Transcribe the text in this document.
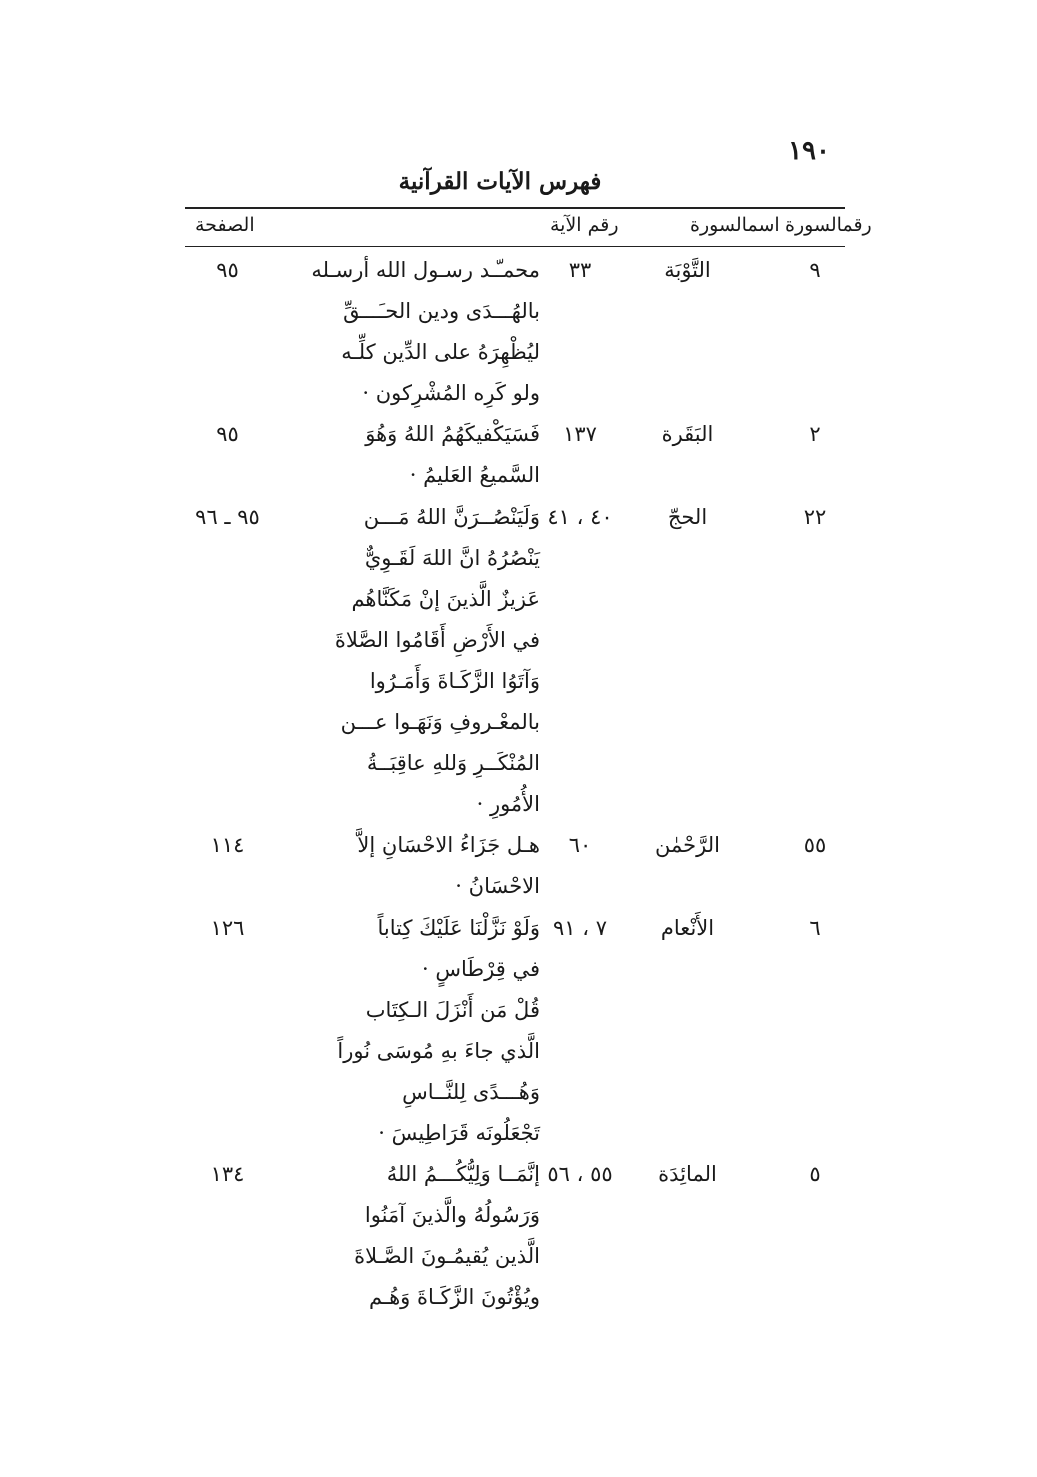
١٩٠
فهرس الآيات القرآنية
رقمالسورة
اسمالسورة
رقم الآية
الصفحة
٩
التَّوْبَة
٣٣
محمـّـد رسـول الله أرسـله
٩٥
بالهُـــدَى ودين الحـَـــقِّ
ليُظْهِرَهُ على الدِّين كلِّـه
ولو كَرِه المُشْرِكون ·
٢
البَقَرة
١٣٧
فَسَيَكْفيكَهُمُ اللهُ وَهُوَ
٩٥
السَّميعُ العَليمُ ·
٢٢
الحجّ
٤٠ ، ٤١
وَلَيَنْصُــرَنَّ اللهُ مَـــن
٩٥ ـ ٩٦
يَنْصُرُهُ انَّ اللهَ لَقَـوِيٌّ
عَزيزٌ الَّذينَ إنْ مَكَنَّاهُم
في الأَرْضِ أَقَامُوا الصَّلاةَ
وَآتَوُا الزَّكَـاةَ وَأَمَـرُوا
بالمعْـروفِ وَنَهَـوا عـــن
المُنْكَــرِ وَللهِ عاقِبَــةُ
الأُمُورِ ·
٥٥
الرَّحْمٰن
٦٠
هـل جَزَاءُ الاحْسَانِ إلاَّ
١١٤
الاحْسَانُ ·
٦
الأَنْعام
٧ ، ٩١
وَلَوْ نَزَّلْنَا عَلَيْكَ كِتاباً
١٢٦
في قِرْطَاسٍ ·
قُلْ مَن أَنْزَلَ الـكِتَاب
الَّذي جاءَ بهِ مُوسَى نُوراً
وَهُـــدًى لِلنَّــاسِ
تَجْعَلُونَه قَرَاطِيسَ ·
٥
المائِدَة
٥٥ ، ٥٦
إنَّمَــا وَلِيُّكُـــمُ اللهُ
١٣٤
وَرَسُولُهُ والَّذينَ آمَنُوا
الَّذين يُقيمُـونَ الصَّـلاةَ
ويُؤْتُونَ الزَّكَـاةَ وَهُـم
